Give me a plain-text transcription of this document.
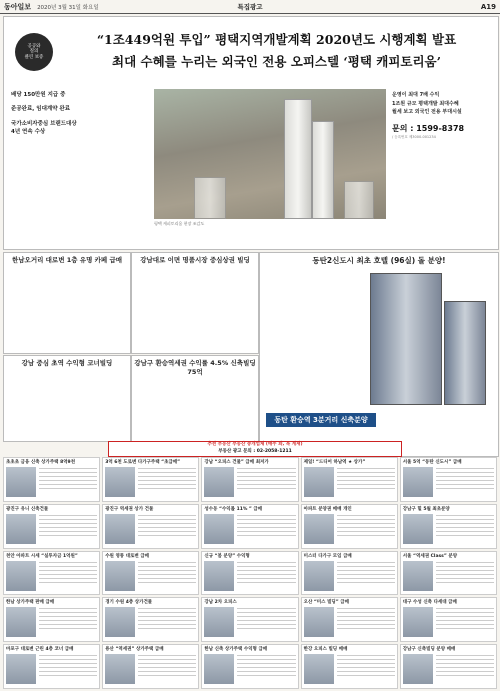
동아일보 2020년 3월 31일 화요일	특집광고	A19
공공와
질의
클린 보증
“1조449억원 투입” 평택지역개발계획 2020년도 시행계획 발표
최대 수혜를 누리는 외국인 전용 오피스텔 ‘평택 캐피토리움’
배당 150만원 지급 중
준공완료, 임대계약 완료
국가소비자중심 브랜드대상 4년 연속 수상
평택 캐피토리움 현장 조감도
운영이 최대 7배 수익
1조원 규모 평택개발 최대수혜
월세 보고 외국인 전용 부대시설
문의 : 1599-8378
/ 등록번호 제3000-001234
한남오거리 대로변 1층 유명 카페 급매	강남대로 이면 명품시장 중심상권 빌딩	동탄2신도시 최초 호텔 (96실) 돌 분양!
동탄 환승역 3분거리 신축분양
강남 중심 초역 수익형 코너빌딩	강남구 환승역세권 수익률 4.5% 신축빌딩 75억
추천 부동산 부동산 중개업체 (매주 화, 목 게재)
부동산 광고 문의 : 02-2058-1211
초초초 금융 신축 상가주택 8억9천	3억 6천 도로변 다가구주택 “초급매”	강남 “오피스 건물” 급매 최저가	제일! “드디어 하남역 ★ 상가”	서울 5억 “동탄 신도시” 급매
광진구 유니 신축건물	광진구 역세권 상가 건물	성수동 “수익률 11% ” 급매	아파트 분양권 매매 개인	강남구 힐 5월 최초분양
천안 아파트 시세 “실투자금 1억원”	수원 영통 대로변 급매	신규 “봄 분양” 수익형	미스터 다가구 모임 급매	서울 “역세권 Class” 분양
한남 상가주택 판매 급매	경기 수원 4층 상가건물	강남 2차 오피스	오산 “미스 빌딩” 급매	대구 수성 신축 다세대 급매
마포구 대로변 근린 4층 코너 급매	용산 “역세권” 상가주택 급매	한남 신축 상가주택 수익형 급매	한강 오피스 빌딩 매매	강남구 신축빌딩 분양 매매
